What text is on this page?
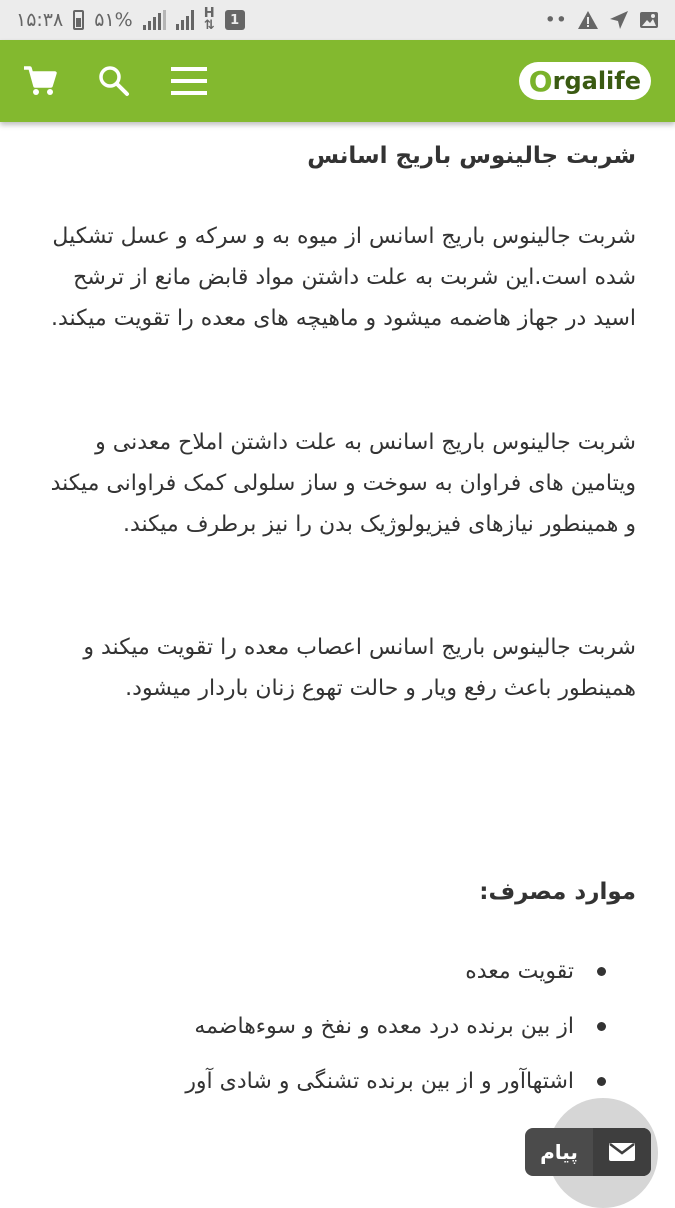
۱۵:۳۸ ۵۱%	H
⇅	1	••
O rgalife
شربت جالینوس باریج اسانس

شربت جالینوس باریج اسانس از میوه به و سرکه و عسل تشکیل شده است.این شربت به علت داشتن مواد قابض مانع از ترشح اسید در جهاز هاضمه میشود و ماهیچه های معده را تقویت میکند.

شربت جالینوس باریج اسانس به علت داشتن املاح معدنی و ویتامین های فراوان به سوخت و ساز سلولی کمک فراوانی میکند و همینطور نیازهای فیزیولوژیک بدن را نیز برطرف میکند.

شربت جالینوس باریج اسانس اعصاب معده را تقویت میکند و همینطور باعث رفع ویار و حالت تهوع زنان باردار میشود.

موارد مصرف:
تقویت معده
از بین برنده درد معده و نفخ و سوءهاضمه
اشتهاآور و از بین برنده تشنگی و شادی آور
پیام
